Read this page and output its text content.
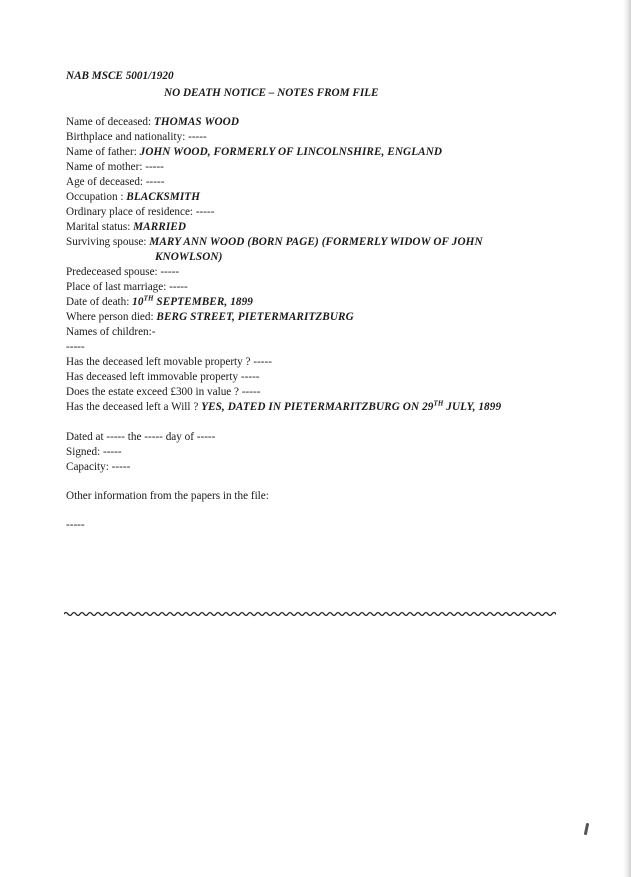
NAB MSCE 5001/1920
NO DEATH NOTICE – NOTES FROM FILE
Name of deceased: THOMAS WOOD
Birthplace and nationality: -----
Name of father: JOHN WOOD, FORMERLY OF LINCOLNSHIRE, ENGLAND
Name of mother: -----
Age of deceased: -----
Occupation : BLACKSMITH
Ordinary place of residence: -----
Marital status: MARRIED
Surviving spouse: MARY ANN WOOD (BORN PAGE) (FORMERLY WIDOW OF JOHN
KNOWLSON)
Predeceased spouse: -----
Place of last marriage: -----
Date of death: 10TH SEPTEMBER, 1899
Where person died: BERG STREET, PIETERMARITZBURG
Names of children:-
-----
Has the deceased left movable property ? -----
Has deceased left immovable property -----
Does the estate exceed £300 in value ? -----
Has the deceased left a Will ? YES, DATED IN PIETERMARITZBURG ON 29TH JULY, 1899
Dated at ----- the ----- day of -----
Signed: -----
Capacity: -----
Other information from the papers in the file:
-----
